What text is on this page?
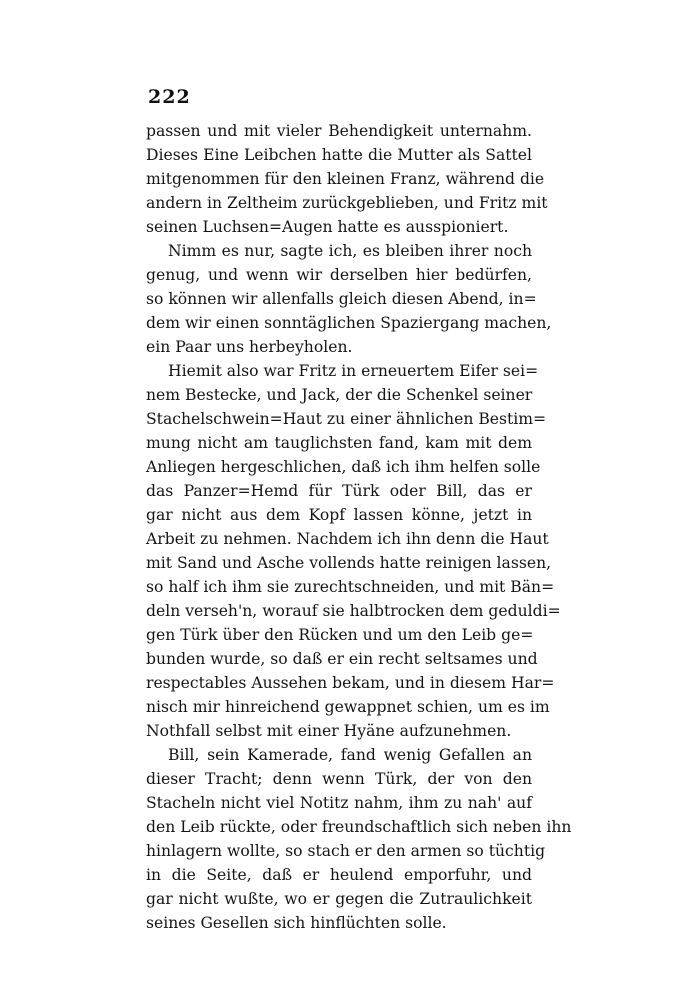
222
passen und mit vieler Behendigkeit unternahm.
Dieses Eine Leibchen hatte die Mutter als Sattel
mitgenommen für den kleinen Franz, während die
andern in Zeltheim zurückgeblieben, und Fritz mit
seinen Luchsen=Augen hatte es ausspioniert.
Nimm es nur, sagte ich, es bleiben ihrer noch
genug, und wenn wir derselben hier bedürfen,
so können wir allenfalls gleich diesen Abend, in=
dem wir einen sonntäglichen Spaziergang machen,
ein Paar uns herbeyholen.
Hiemit also war Fritz in erneuertem Eifer sei=
nem Bestecke, und Jack, der die Schenkel seiner
Stachelschwein=Haut zu einer ähnlichen Bestim=
mung nicht am tauglichsten fand, kam mit dem
Anliegen hergeschlichen, daß ich ihm helfen solle
das Panzer=Hemd für Türk oder Bill, das er
gar nicht aus dem Kopf lassen könne, jetzt in
Arbeit zu nehmen. Nachdem ich ihn denn die Haut
mit Sand und Asche vollends hatte reinigen lassen,
so half ich ihm sie zurechtschneiden, und mit Bän=
deln verseh'n, worauf sie halbtrocken dem geduldi=
gen Türk über den Rücken und um den Leib ge=
bunden wurde, so daß er ein recht seltsames und
respectables Aussehen bekam, und in diesem Har=
nisch mir hinreichend gewappnet schien, um es im
Nothfall selbst mit einer Hyäne aufzunehmen.
Bill, sein Kamerade, fand wenig Gefallen an
dieser Tracht; denn wenn Türk, der von den
Stacheln nicht viel Notitz nahm, ihm zu nah' auf
den Leib rückte, oder freundschaftlich sich neben ihn
hinlagern wollte, so stach er den armen so tüchtig
in die Seite, daß er heulend emporfuhr, und
gar nicht wußte, wo er gegen die Zutraulichkeit
seines Gesellen sich hinflüchten solle.
